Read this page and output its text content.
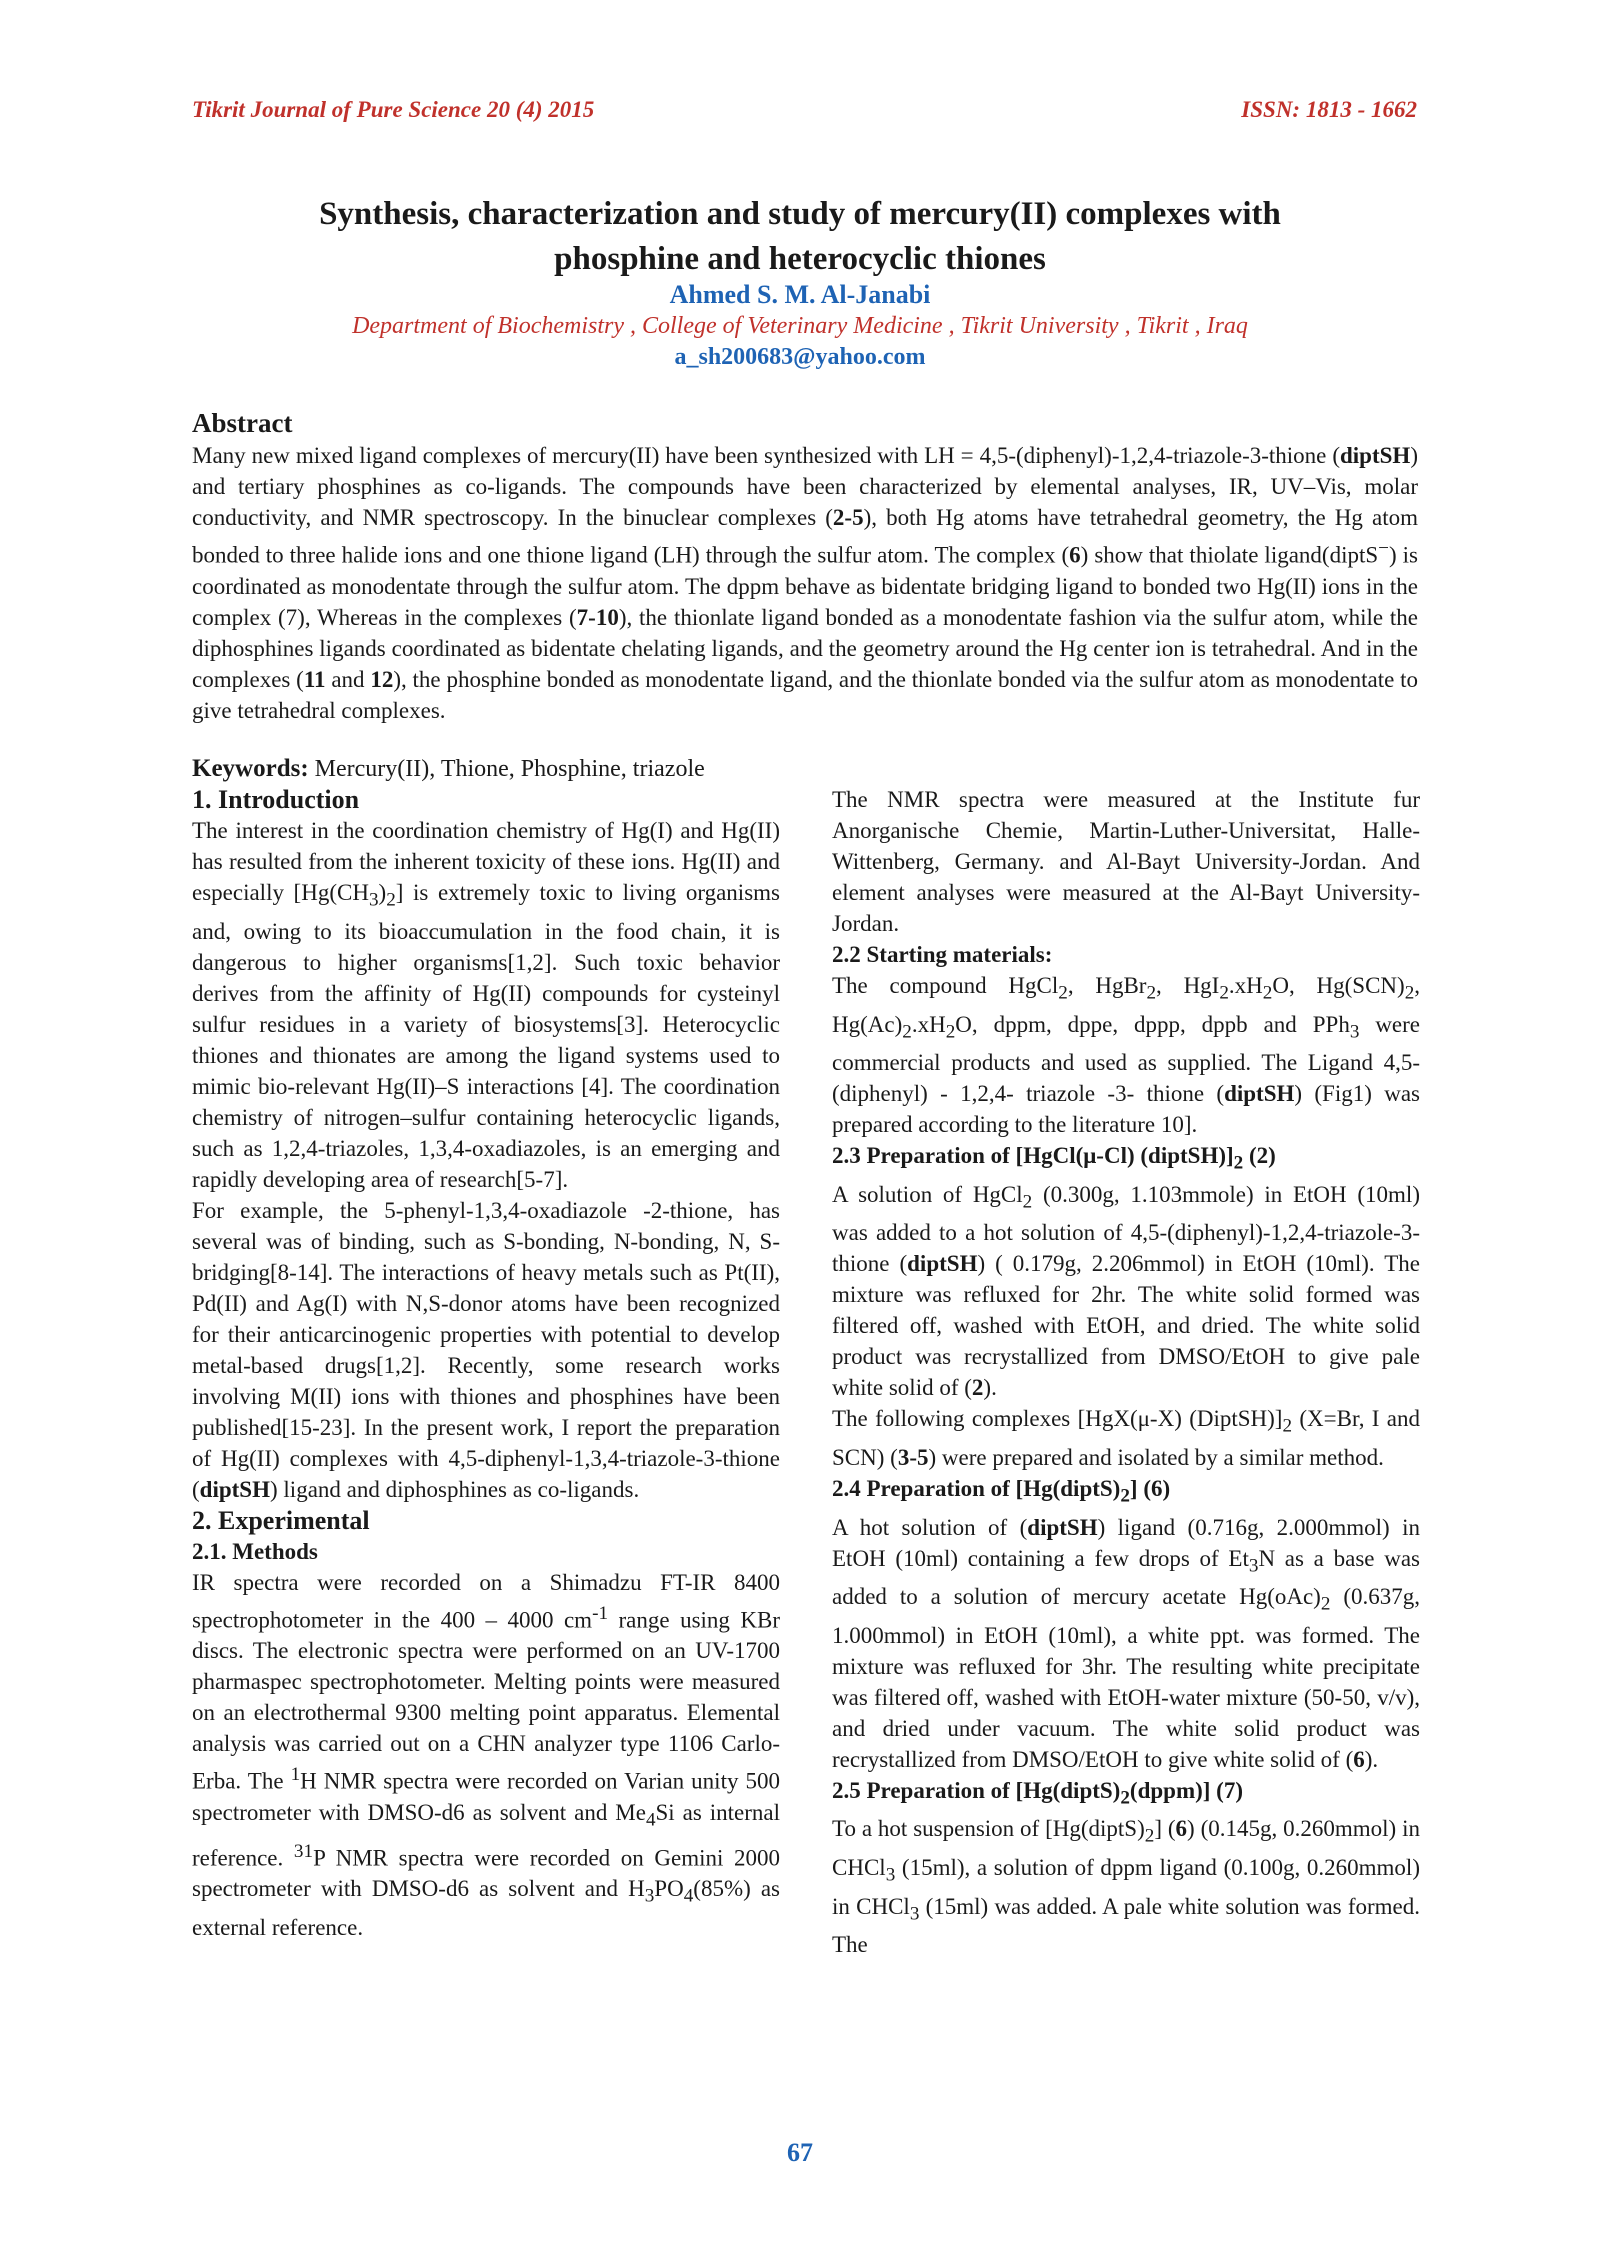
Tikrit Journal of Pure Science 20 (4) 2015	ISSN: 1813 - 1662
Synthesis, characterization and study of mercury(II) complexes with
phosphine and heterocyclic thiones
Ahmed S. M. Al-Janabi
Department of Biochemistry , College of Veterinary Medicine , Tikrit University , Tikrit , Iraq
a_sh200683@yahoo.com
Abstract
Many new mixed ligand complexes of mercury(II) have been synthesized with LH = 4,5-(diphenyl)-1,2,4-triazole-3-thione (diptSH) and tertiary phosphines as co-ligands. The compounds have been characterized by elemental analyses, IR, UV–Vis, molar conductivity, and NMR spectroscopy. In the binuclear complexes (2-5), both Hg atoms have tetrahedral geometry, the Hg atom bonded to three halide ions and one thione ligand (LH) through the sulfur atom. The complex (6) show that thiolate ligand(diptS−) is coordinated as monodentate through the sulfur atom. The dppm behave as bidentate bridging ligand to bonded two Hg(II) ions in the complex (7), Whereas in the complexes (7-10), the thionlate ligand bonded as a monodentate fashion via the sulfur atom, while the diphosphines ligands coordinated as bidentate chelating ligands, and the geometry around the Hg center ion is tetrahedral. And in the complexes (11 and 12), the phosphine bonded as monodentate ligand, and the thionlate bonded via the sulfur atom as monodentate to give tetrahedral complexes.
Keywords: Mercury(II), Thione, Phosphine, triazole
1. Introduction

The interest in the coordination chemistry of Hg(I) and Hg(II) has resulted from the inherent toxicity of these ions. Hg(II) and especially $[Hg(CH_3)_2]$ is extremely toxic to living organisms and, owing to its bioaccumulation in the food chain, it is dangerous to higher organisms[1,2]. Such toxic behavior derives from the affinity of Hg(II) compounds for cysteinyl sulfur residues in a variety of biosystems[3]. Heterocyclic thiones and thionates are among the ligand systems used to mimic bio-relevant Hg(II)–S interactions [4]. The coordination chemistry of nitrogen–sulfur containing heterocyclic ligands, such as 1,2,4-triazoles, 1,3,4-oxadiazoles, is an emerging and rapidly developing area of research[5-7].

For example, the 5-phenyl-1,3,4-oxadiazole -2-thione, has several was of binding, such as S-bonding, N-bonding, N, S-bridging[8-14]. The interactions of heavy metals such as Pt(II), Pd(II) and Ag(I) with N,S-donor atoms have been recognized for their anticarcinogenic properties with potential to develop metal-based drugs[1,2]. Recently, some research works involving M(II) ions with thiones and phosphines have been published[15-23]. In the present work, I report the preparation of Hg(II) complexes with 4,5-diphenyl-1,3,4-triazole-3-thione (diptSH) ligand and diphosphines as co-ligands.

2. Experimental
2.1. Methods

IR spectra were recorded on a Shimadzu FT-IR 8400 spectrophotometer in the 400 – 4000 $cm^{-1}$ range using KBr discs. The electronic spectra were performed on an UV-1700 pharmaspec spectrophotometer. Melting points were measured on an electrothermal 9300 melting point apparatus. Elemental analysis was carried out on a CHN analyzer type 1106 Carlo-Erba. The $^1$H NMR spectra were recorded on Varian unity 500 spectrometer with DMSO-d6 as solvent and $Me_4Si$ as internal reference. $^{31}$P NMR spectra were recorded on Gemini 2000 spectrometer with DMSO-d6 as solvent and $H_3PO_4(85\%)$ as external reference.

The NMR spectra were measured at the Institute fur Anorganische Chemie, Martin-Luther-Universitat, Halle-Wittenberg, Germany. and Al-Bayt University-Jordan. And element analyses were measured at the Al-Bayt University- Jordan.

2.2 Starting materials:

The compound HgCl$_2$, HgBr$_2$, $HgI_2.xH_2O$, $Hg(SCN)_2$, $Hg(Ac)_2.xH_2O$, dppm, dppe, dppp, dppb and PPh$_3$ were commercial products and used as supplied. The Ligand 4,5-(diphenyl) - 1,2,4- triazole -3- thione (diptSH) (Fig1) was prepared according to the literature 10].

2.3 Preparation of [HgCl(μ-Cl) $(diptSH)]_2$ (2)

A solution of HgCl$_2$ (0.300g, 1.103mmole) in EtOH (10ml) was added to a hot solution of 4,5-(diphenyl)-1,2,4-triazole-3-thione (diptSH) ( 0.179g, 2.206mmol) in EtOH (10ml). The mixture was refluxed for 2hr. The white solid formed was filtered off, washed with EtOH, and dried. The white solid product was recrystallized from DMSO/EtOH to give pale white solid of (2).

The following complexes [HgX(μ-X) $(DiptSH)]_2$ (X=Br, I and SCN) (3-5) were prepared and isolated by a similar method.

2.4 Preparation of $[Hg(diptS)_2]$ (6)

A hot solution of (diptSH) ligand (0.716g, 2.000mmol) in EtOH (10ml) containing a few drops of $Et_3N$ as a base was added to a solution of mercury acetate $Hg(oAc)_2$ (0.637g, 1.000mmol) in EtOH (10ml), a white ppt. was formed. The mixture was refluxed for 3hr. The resulting white precipitate was filtered off, washed with EtOH-water mixture (50-50, v/v), and dried under vacuum. The white solid product was recrystallized from DMSO/EtOH to give white solid of (6).

2.5 Preparation of $[Hg(diptS)_2(dppm)]$ (7)

To a hot suspension of $[Hg(diptS)_2]$ (6) (0.145g, 0.260mmol) in CHCl$_3$ (15ml), a solution of dppm ligand (0.100g, 0.260mmol) in CHCl$_3$ (15ml) was added. A pale white solution was formed. The

67
